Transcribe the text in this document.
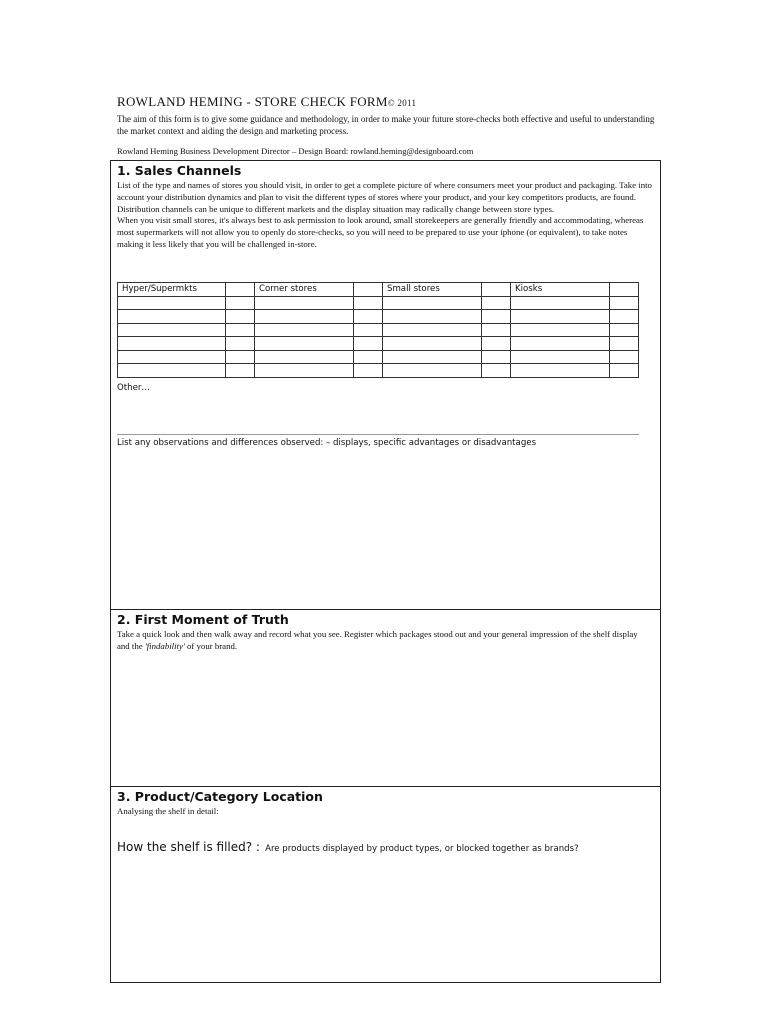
ROWLAND HEMING - STORE CHECK FORM© 2011
The aim of this form is to give some guidance and methodology, in order to make your future store-checks both effective and useful to understanding the market context and aiding the design and marketing process.
Rowland Heming Business Development Director – Design Board: rowland.heming@designboard.com
1. Sales Channels
List of the type and names of stores you should visit, in order to get a complete picture of where consumers meet your product and packaging. Take into account your distribution dynamics and plan to visit the different types of stores where your product, and your key competitors products, are found. Distribution channels can be unique to different markets and the display situation may radically change between store types.
When you visit small stores, it's always best to ask permission to look around, small storekeepers are generally friendly and accommodating, whereas most supermarkets will not allow you to openly do store-checks, so you will need to be prepared to use your iphone (or equivalent), to take notes making it less likely that you will be challenged in-store.
Hyper/Supermkts		Corner stores		Small stores		Kiosks	

Other…
List any observations and differences observed: – displays, specific advantages or disadvantages
2. First Moment of Truth
Take a quick look and then walk away and record what you see. Register which packages stood out and your general impression of the shelf display and the 'findability' of your brand.
3. Product/Category Location
Analysing the shelf in detail:
How the shelf is filled? : Are products displayed by product types, or blocked together as brands?
